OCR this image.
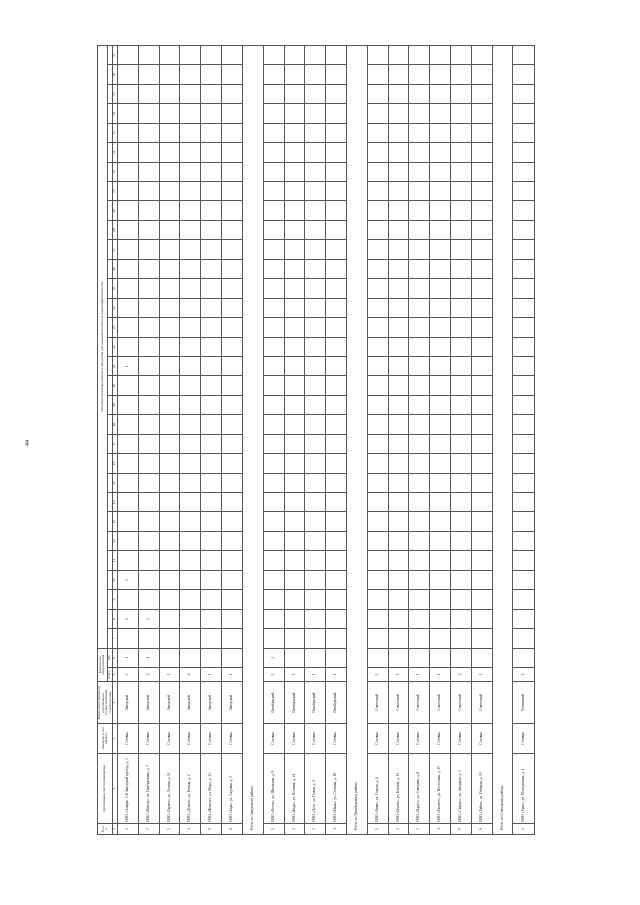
44
№ п/п	Организация, место размещения	Характер и тип объекта	Район ответственности (организации, осуществляющей строительство)	Количество оборудования		Тип объектов (оборудование и продукция для повышения качества энергоэффективности)																														
				всего	шт.																															
1	2	3	4	5	6	7	8	9	10	11	12	13	14	15	16	17	18	19	20	21	22	23	24	25	26	27	28	29	30	31	32	33	34	35	36	37
1	ООО «Альфа», 1-й Заводской проезд, д. 3	Сотовая	Заводской	3	1		1		1											1																
2	ООО «Вектор», ул. Центральная, д. 7	Сотовая	Заводской	2	1		1																													
3	ООО «Гарант», ул. Лесная, д. 11	Сотовая	Заводской	1																																
4	ООО «Дельта», ул. Речная, д. 2	Сотовая	Заводской	2																																
5	ООО «Жемчуг», ул. Мира, д. 14	Сотовая	Заводской	1																																
6	ООО «Заря», ул. Садовая, д. 5	Сотовая	Заводской	1																																
Итого по Заводскому району																																				
1	ООО «Исток», ул. Школьная, д. 9	Сотовая	Октябрьский	2	1																															
2	ООО «Кедр», ул. Полевая, д. 21	Сотовая	Октябрьский	1																																
3	ООО «Луч», ул. Новая, д. 4	Сотовая	Октябрьский	1																																
4	ООО «Маяк», ул. Степная, д. 18	Сотовая	Октябрьский	1																																
Итого по Октябрьскому району																																				
1	ООО «Нива», ул. Горная, д. 6	Сотовая	Советский	2																																
2	ООО «Омега», ул. Южная, д. 12	Сотовая	Советский	1																																
3	ООО «Парус», ул. Северная, д. 8	Сотовая	Советский	1																																
4	ООО «Рассвет», ул. Восточная, д. 15	Сотовая	Советский	1																																
5	ООО «Сириус», ул. Западная, д. 3	Сотовая	Советский	2																																
6	ООО «Тайга», ул. Озёрная, д. 10	Сотовая	Советский	1																																
Итого по Советскому району																																				
1	ООО «Урал», ул. Молодёжная, д. 1	Сотовая	Ленинский	1																																
